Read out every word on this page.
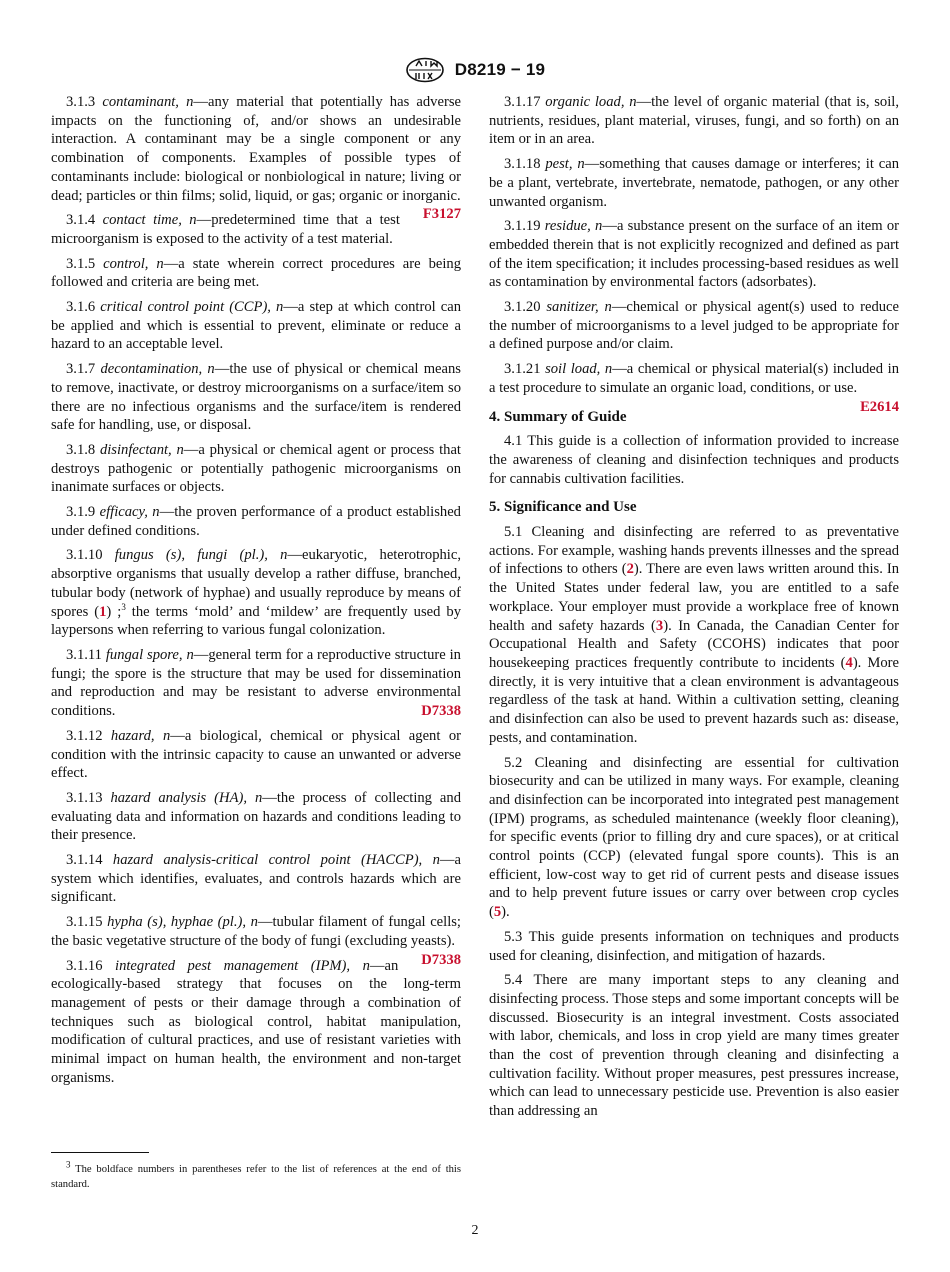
D8219 − 19

3.1.3 contaminant, n—any material that potentially has adverse impacts on the functioning of, and/or shows an undesirable interaction. A contaminant may be a single component or any combination of components. Examples of possible types of contaminants include: biological or nonbiological in nature; living or dead; particles or thin films; solid, liquid, or gas; organic or inorganic.
F3127

3.1.4 contact time, n—predetermined time that a test microorganism is exposed to the activity of a test material.

3.1.5 control, n—a state wherein correct procedures are being followed and criteria are being met.

3.1.6 critical control point (CCP), n—a step at which control can be applied and which is essential to prevent, eliminate or reduce a hazard to an acceptable level.

3.1.7 decontamination, n—the use of physical or chemical means to remove, inactivate, or destroy microorganisms on a surface/item so there are no infectious organisms and the surface/item is rendered safe for handling, use, or disposal.

3.1.8 disinfectant, n—a physical or chemical agent or process that destroys pathogenic or potentially pathogenic microorganisms on inanimate surfaces or objects.

3.1.9 efficacy, n—the proven performance of a product established under defined conditions.

3.1.10 fungus (s), fungi (pl.), n—eukaryotic, heterotrophic, absorptive organisms that usually develop a rather diffuse, branched, tubular body (network of hyphae) and usually reproduce by means of spores (1) ;$^3$ the terms ‘mold’ and ‘mildew’ are frequently used by laypersons when referring to various fungal colonization.

3.1.11 fungal spore, n—general term for a reproductive structure in fungi; the spore is the structure that may be used for dissemination and reproduction and may be resistant to adverse environmental conditions.	D7338

3.1.12 hazard, n—a biological, chemical or physical agent or condition with the intrinsic capacity to cause an unwanted or adverse effect.

3.1.13 hazard analysis (HA), n—the process of collecting and evaluating data and information on hazards and conditions leading to their presence.

3.1.14 hazard analysis-critical control point (HACCP), n—a system which identifies, evaluates, and controls hazards which are significant.

3.1.15 hypha (s), hyphae (pl.), n—tubular filament of fungal cells; the basic vegetative structure of the body of fungi (excluding yeasts).
D7338

3.1.16 integrated pest management (IPM), n—an ecologically-based strategy that focuses on the long-term management of pests or their damage through a combination of techniques such as biological control, habitat manipulation, modification of cultural practices, and use of resistant varieties with minimal impact on human health, the environment and non-target organisms.

$^3$ The boldface numbers in parentheses refer to the list of references at the end of this standard.

3.1.17 organic load, n—the level of organic material (that is, soil, nutrients, residues, plant material, viruses, fungi, and so forth) on an item or in an area.

3.1.18 pest, n—something that causes damage or interferes; it can be a plant, vertebrate, invertebrate, nematode, pathogen, or any other unwanted organism.

3.1.19 residue, n—a substance present on the surface of an item or embedded therein that is not explicitly recognized and defined as part of the item specification; it includes processing-based residues as well as contamination by environmental factors (adsorbates).

3.1.20 sanitizer, n—chemical or physical agent(s) used to reduce the number of microorganisms to a level judged to be appropriate for a defined purpose and/or claim.

3.1.21 soil load, n—a chemical or physical material(s) included in a test procedure to simulate an organic load, conditions, or use.
E2614

4. Summary of Guide

4.1 This guide is a collection of information provided to increase the awareness of cleaning and disinfection techniques and products for cannabis cultivation facilities.

5. Significance and Use

5.1 Cleaning and disinfecting are referred to as preventative actions. For example, washing hands prevents illnesses and the spread of infections to others (2). There are even laws written around this. In the United States under federal law, you are entitled to a safe workplace. Your employer must provide a workplace free of known health and safety hazards (3). In Canada, the Canadian Center for Occupational Health and Safety (CCOHS) indicates that poor housekeeping practices frequently contribute to incidents (4). More directly, it is very intuitive that a clean environment is advantageous regardless of the task at hand. Within a cultivation setting, cleaning and disinfection can also be used to prevent hazards such as: disease, pests, and contamination.

5.2 Cleaning and disinfecting are essential for cultivation biosecurity and can be utilized in many ways. For example, cleaning and disinfection can be incorporated into integrated pest management (IPM) programs, as scheduled maintenance (weekly floor cleaning), for specific events (prior to filling dry and cure spaces), or at critical control points (CCP) (elevated fungal spore counts). This is an efficient, low-cost way to get rid of current pests and disease issues and to help prevent future issues or carry over between crop cycles (5).

5.3 This guide presents information on techniques and products used for cleaning, disinfection, and mitigation of hazards.

5.4 There are many important steps to any cleaning and disinfecting process. Those steps and some important concepts will be discussed. Biosecurity is an integral investment. Costs associated with labor, chemicals, and loss in crop yield are many times greater than the cost of prevention through cleaning and disinfecting a cultivation facility. Without proper measures, pest pressures increase, which can lead to unnecessary pesticide use. Prevention is also easier than addressing an

2
